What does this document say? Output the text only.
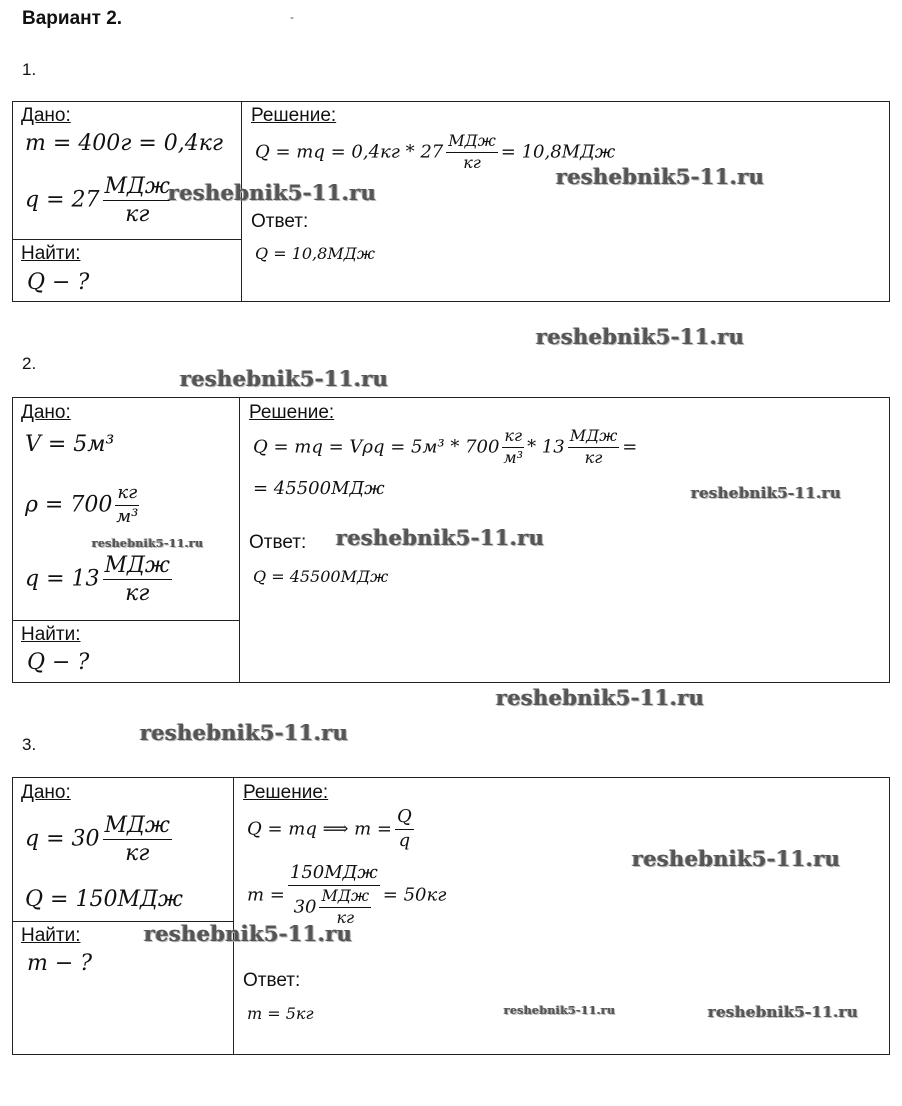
Вариант 2.	-
1.
Дано:
m = 400г = 0,4кг
$q = 27 \frac{\text{МДж}}{кг}$
Найти:
Q − ?
Решение:
Q = mq = $0,4кг * 27 \frac{\text{МДж}}{кг} = 10,8МДж$
Ответ:
Q = 10,8МДж
2.
Дано:
V = 5м³
$\rho = 700 \frac{кг}{\text{м³}}$
$q = 13 \frac{\text{МДж}}{кг}$
Найти:
Q − ?
Решение:
Q = mq = $V\rho q = 5м^3 * 700 \frac{кг}{\text{м³}} * 13 \frac{\text{МДж}}{кг}$ =
= 45500МДж
Ответ:
Q = 45500МДж
3.
Дано:
$q = 30 \frac{\text{МДж}}{кг}$
Q = 150МДж
Найти:
m − ?
Решение:
Q = mq ⟹ $m = \frac{Q}{q}$
$m = \frac{\text{150МДж}}{30 \frac{\text{МДж}}{кг}} = 50кг$
Ответ:
m = 5кг
reshebnik5-11.ru
reshebnik5-11.ru
reshebnik5-11.ru
reshebnik5-11.ru
reshebnik5-11.ru
reshebnik5-11.ru	reshebnik5-11.ru
reshebnik5-11.ru
reshebnik5-11.ru
reshebnik5-11.ru
reshebnik5-11.ru
reshebnik5-11.ru	reshebnik5-11.ru
